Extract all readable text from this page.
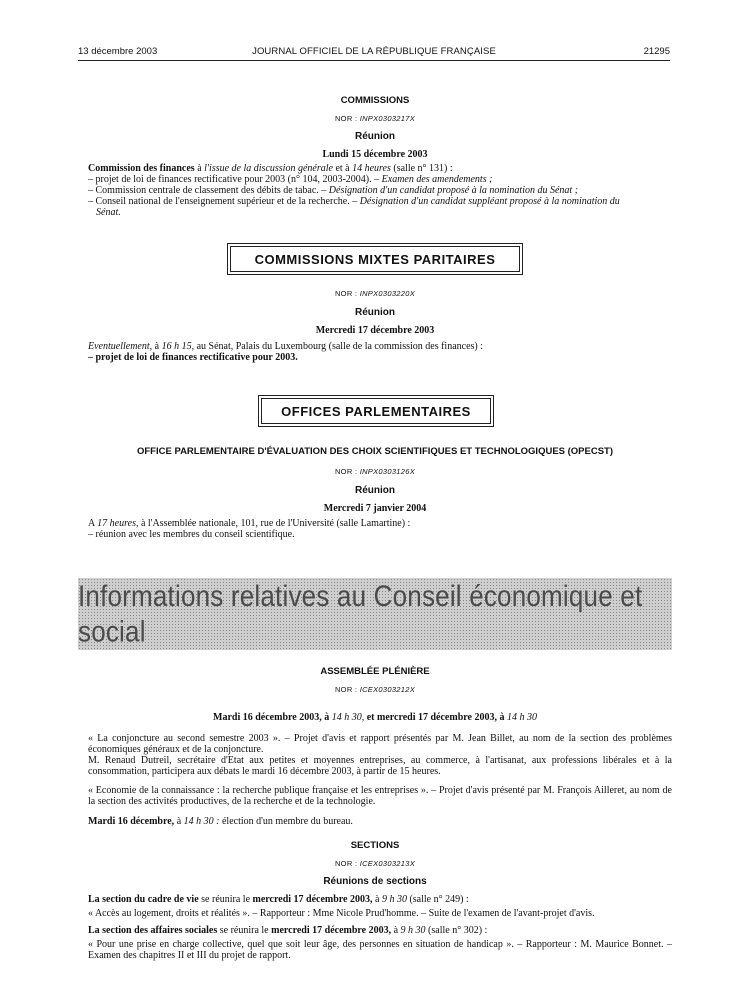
13 décembre 2003	JOURNAL OFFICIEL DE LA RÉPUBLIQUE FRANÇAISE	21295
COMMISSIONS
NOR : INPX0303217X
Réunion
Lundi 15 décembre 2003
Commission des finances à l'issue de la discussion générale et à 14 heures (salle n° 131) :
– projet de loi de finances rectificative pour 2003 (n° 104, 2003-2004). – Examen des amendements ;
– Commission centrale de classement des débits de tabac. – Désignation d'un candidat proposé à la nomination du Sénat ;
– Conseil national de l'enseignement supérieur et de la recherche. – Désignation d'un candidat suppléant proposé à la nomination du
Sénat.
COMMISSIONS MIXTES PARITAIRES
NOR : INPX0303220X
Réunion
Mercredi 17 décembre 2003
Eventuellement, à 16 h 15, au Sénat, Palais du Luxembourg (salle de la commission des finances) :
– projet de loi de finances rectificative pour 2003.
OFFICES PARLEMENTAIRES
OFFICE PARLEMENTAIRE D'ÉVALUATION DES CHOIX SCIENTIFIQUES ET TECHNOLOGIQUES (OPECST)
NOR : INPX0303126X
Réunion
Mercredi 7 janvier 2004
A 17 heures, à l'Assemblée nationale, 101, rue de l'Université (salle Lamartine) :
– réunion avec les membres du conseil scientifique.
Informations relatives au Conseil économique et social
ASSEMBLÉE PLÉNIÈRE
NOR : ICEX0303212X
Mardi 16 décembre 2003, à 14 h 30, et mercredi 17 décembre 2003, à 14 h 30
« La conjoncture au second semestre 2003 ». – Projet d'avis et rapport présentés par M. Jean Billet, au nom de la section des problèmes économiques généraux et de la conjoncture.
M. Renaud Dutreil, secrétaire d'Etat aux petites et moyennes entreprises, au commerce, à l'artisanat, aux professions libérales et à la consommation, participera aux débats le mardi 16 décembre 2003, à partir de 15 heures.
« Economie de la connaissance : la recherche publique française et les entreprises ». – Projet d'avis présenté par M. François Ailleret, au nom de la section des activités productives, de la recherche et de la technologie.
Mardi 16 décembre, à 14 h 30 : élection d'un membre du bureau.
SECTIONS
NOR : ICEX0303213X
Réunions de sections
La section du cadre de vie se réunira le mercredi 17 décembre 2003, à 9 h 30 (salle n° 249) :
« Accès au logement, droits et réalités ». – Rapporteur : Mme Nicole Prud'homme. – Suite de l'examen de l'avant-projet d'avis.
La section des affaires sociales se réunira le mercredi 17 décembre 2003, à 9 h 30 (salle n° 302) :
« Pour une prise en charge collective, quel que soit leur âge, des personnes en situation de handicap ». – Rapporteur : M. Maurice Bonnet. – Examen des chapitres II et III du projet de rapport.
